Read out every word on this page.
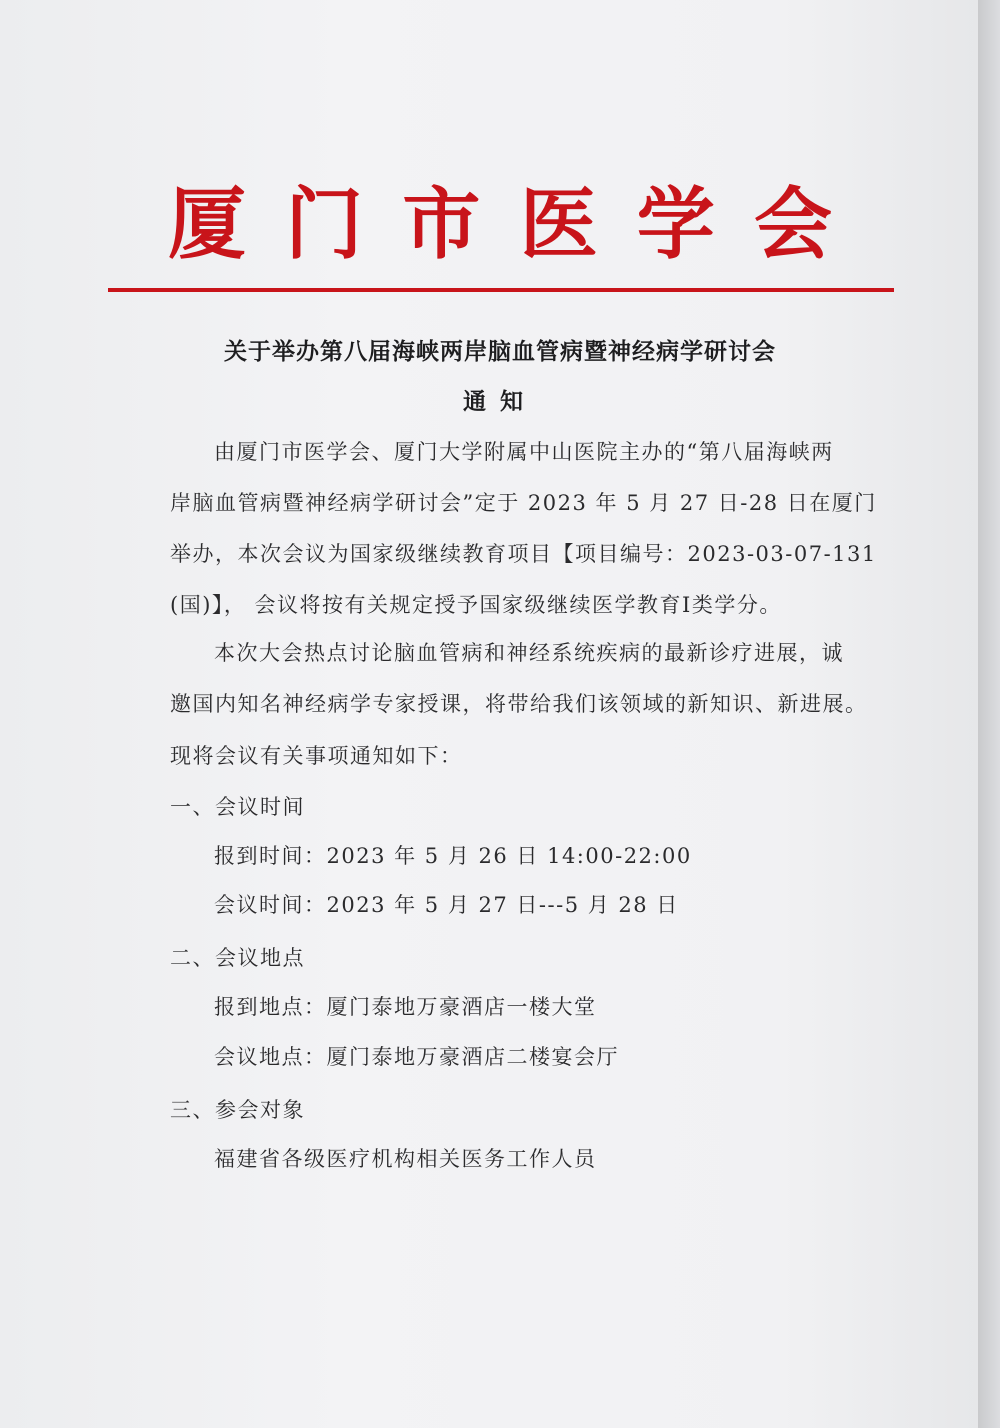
厦 门 市 医 学 会
关于举办第八届海峡两岸脑血管病暨神经病学研讨会
通知
由厦门市医学会、厦门大学附属中山医院主办的“第八届海峡两
岸脑血管病暨神经病学研讨会”定于 2023 年 5 月 27 日-28 日在厦门
举办，本次会议为国家级继续教育项目【项目编号：2023-03-07-131
(国)】， 会议将按有关规定授予国家级继续医学教育Ⅰ类学分。
本次大会热点讨论脑血管病和神经系统疾病的最新诊疗进展，诚
邀国内知名神经病学专家授课，将带给我们该领域的新知识、新进展。
现将会议有关事项通知如下：
一、会议时间
报到时间：2023 年 5 月 26 日 14:00-22:00
会议时间：2023 年 5 月 27 日---5 月 28 日
二、会议地点
报到地点：厦门泰地万豪酒店一楼大堂
会议地点：厦门泰地万豪酒店二楼宴会厅
三、参会对象
福建省各级医疗机构相关医务工作人员
